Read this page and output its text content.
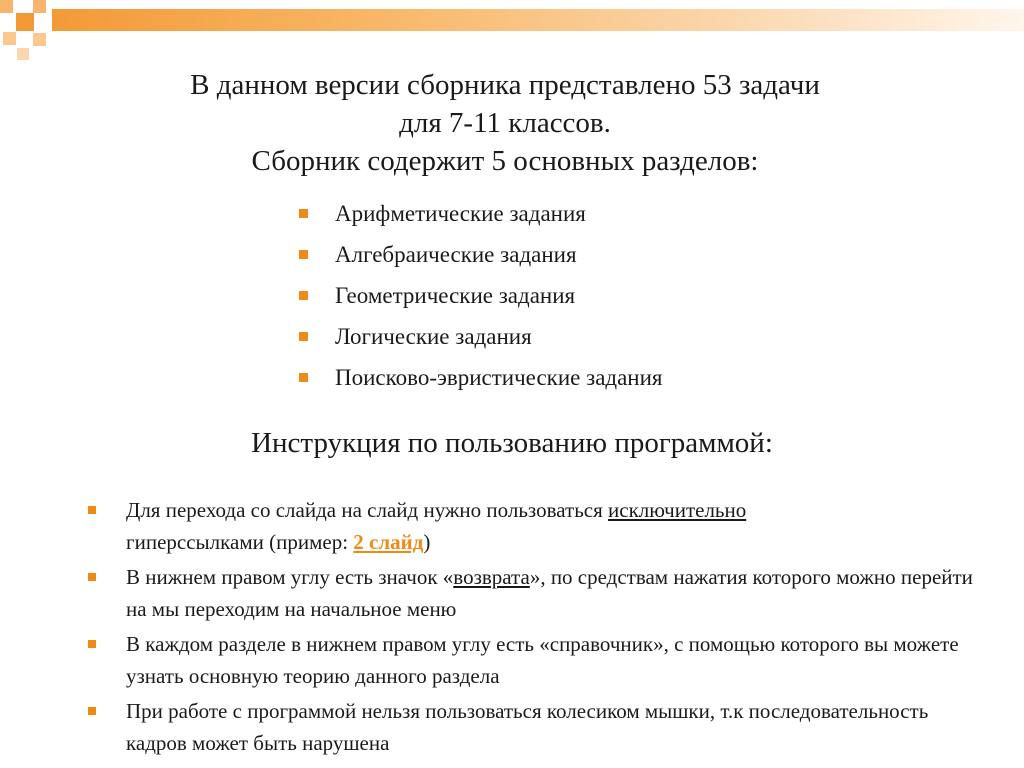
В данном версии сборника представлено 53 задачи
для 7-11 классов.
Сборник содержит 5 основных разделов:
Арифметические задания
Алгебраические задания
Геометрические задания
Логические задания
Поисково-эвристические задания
Инструкция по пользованию программой:
Для перехода со слайда на слайд нужно пользоваться исключительно
гиперссылками (пример: 2 слайд)
В нижнем правом углу есть значок «возврата», по средствам нажатия которого можно перейти на мы переходим на начальное меню
В каждом разделе в нижнем правом углу есть «справочник», с помощью которого вы можете узнать основную теорию данного раздела
При работе с программой нельзя пользоваться колесиком мышки, т.к последовательность кадров может быть нарушена
